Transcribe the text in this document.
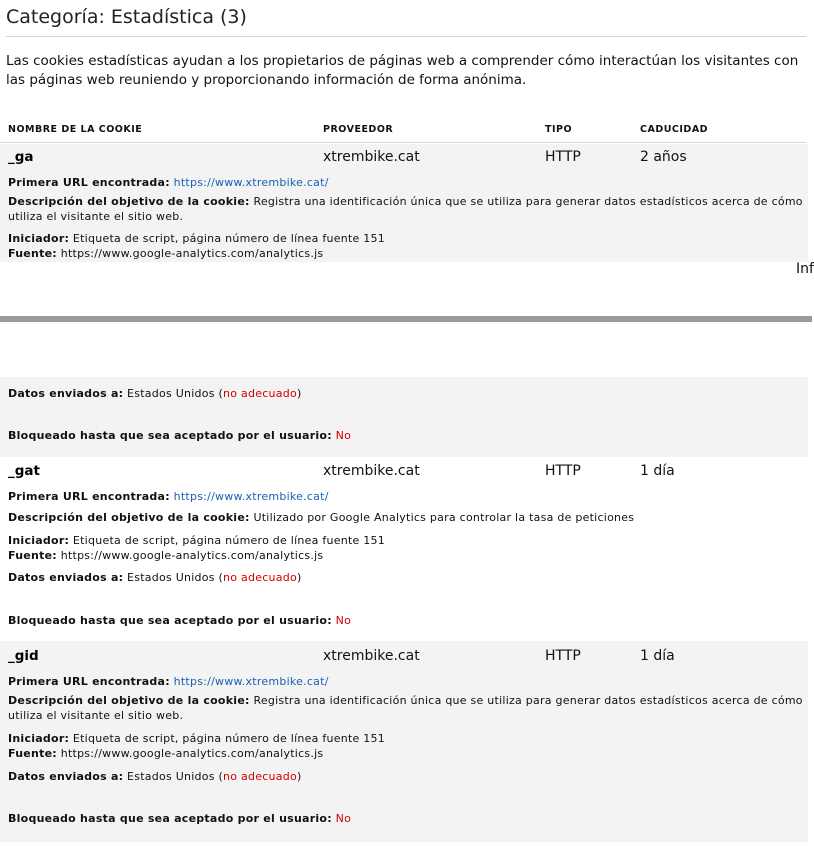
Categoría: Estadística (3)
Las cookies estadísticas ayudan a los propietarios de páginas web a comprender cómo interactúan los visitantes con las páginas web reuniendo y proporcionando información de forma anónima.
NOMBRE DE LA COOKIE	PROVEEDOR	TIPO	CADUCIDAD
_ga	xtrembike.cat	HTTP	2 años
Primera URL encontrada: https://www.xtrembike.cat/
Descripción del objetivo de la cookie: Registra una identificación única que se utiliza para generar datos estadísticos acerca de cómo utiliza el visitante el sitio web.
Iniciador: Etiqueta de script, página número de línea fuente 151
Fuente: https://www.google-analytics.com/analytics.js
Inf
Datos enviados a: Estados Unidos (no adecuado)
Bloqueado hasta que sea aceptado por el usuario: No
_gat	xtrembike.cat	HTTP	1 día
Primera URL encontrada: https://www.xtrembike.cat/
Descripción del objetivo de la cookie: Utilizado por Google Analytics para controlar la tasa de peticiones
Iniciador: Etiqueta de script, página número de línea fuente 151
Fuente: https://www.google-analytics.com/analytics.js
Datos enviados a: Estados Unidos (no adecuado)
Bloqueado hasta que sea aceptado por el usuario: No
_gid	xtrembike.cat	HTTP	1 día
Primera URL encontrada: https://www.xtrembike.cat/
Descripción del objetivo de la cookie: Registra una identificación única que se utiliza para generar datos estadísticos acerca de cómo utiliza el visitante el sitio web.
Iniciador: Etiqueta de script, página número de línea fuente 151
Fuente: https://www.google-analytics.com/analytics.js
Datos enviados a: Estados Unidos (no adecuado)
Bloqueado hasta que sea aceptado por el usuario: No
